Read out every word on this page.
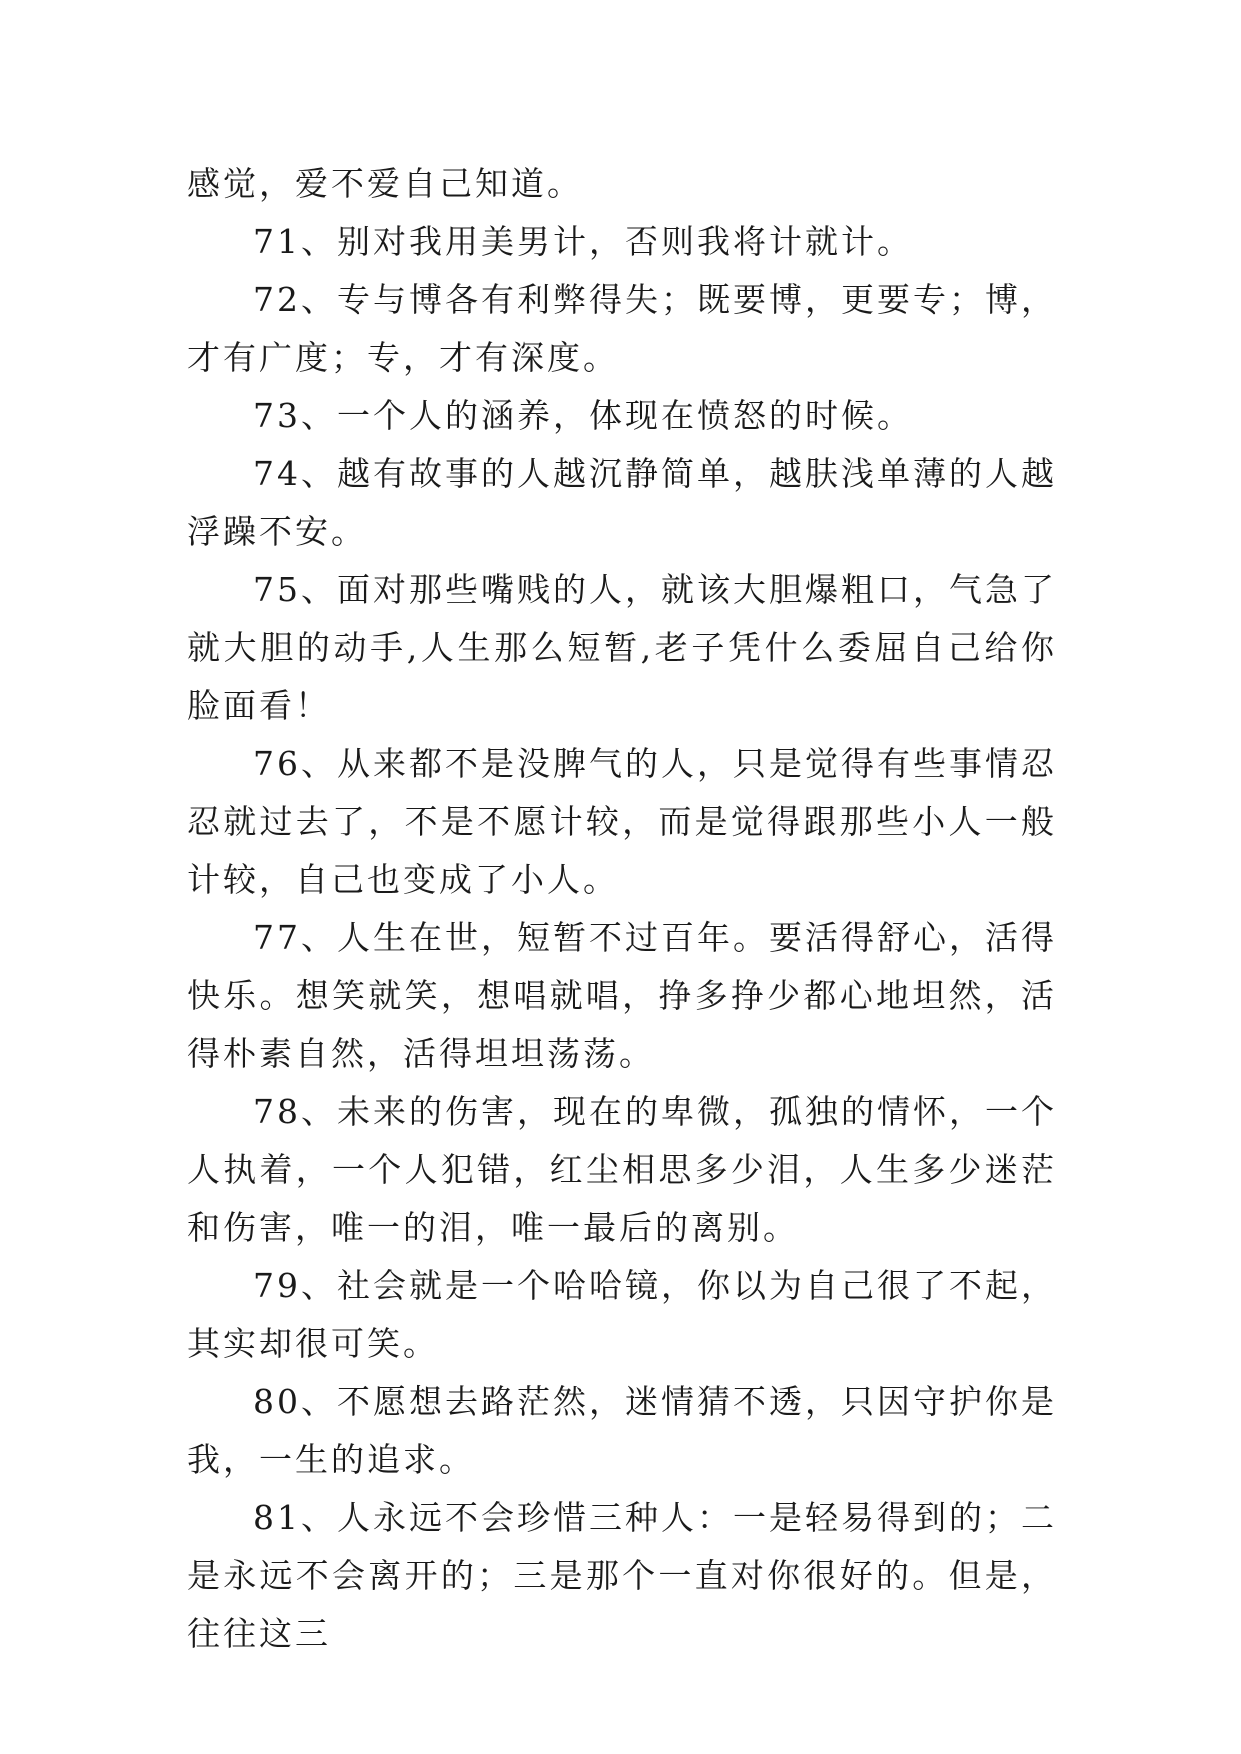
感觉，爱不爱自己知道。

71、别对我用美男计，否则我将计就计。

72、专与博各有利弊得失；既要博，更要专；博，才有广度；专，才有深度。

73、一个人的涵养，体现在愤怒的时候。

74、越有故事的人越沉静简单，越肤浅单薄的人越浮躁不安。

75、面对那些嘴贱的人，就该大胆爆粗口，气急了就大胆的动手,人生那么短暂,老子凭什么委屈自己给你脸面看！

76、从来都不是没脾气的人，只是觉得有些事情忍忍就过去了，不是不愿计较，而是觉得跟那些小人一般计较，自己也变成了小人。

77、人生在世，短暂不过百年。要活得舒心，活得快乐。想笑就笑，想唱就唱，挣多挣少都心地坦然，活得朴素自然，活得坦坦荡荡。

78、未来的伤害，现在的卑微，孤独的情怀，一个人执着，一个人犯错，红尘相思多少泪，人生多少迷茫和伤害，唯一的泪，唯一最后的离别。

79、社会就是一个哈哈镜，你以为自己很了不起，其实却很可笑。

80、不愿想去路茫然，迷情猜不透，只因守护你是我，一生的追求。

81、人永远不会珍惜三种人：一是轻易得到的；二是永远不会离开的；三是那个一直对你很好的。但是，往往这三
